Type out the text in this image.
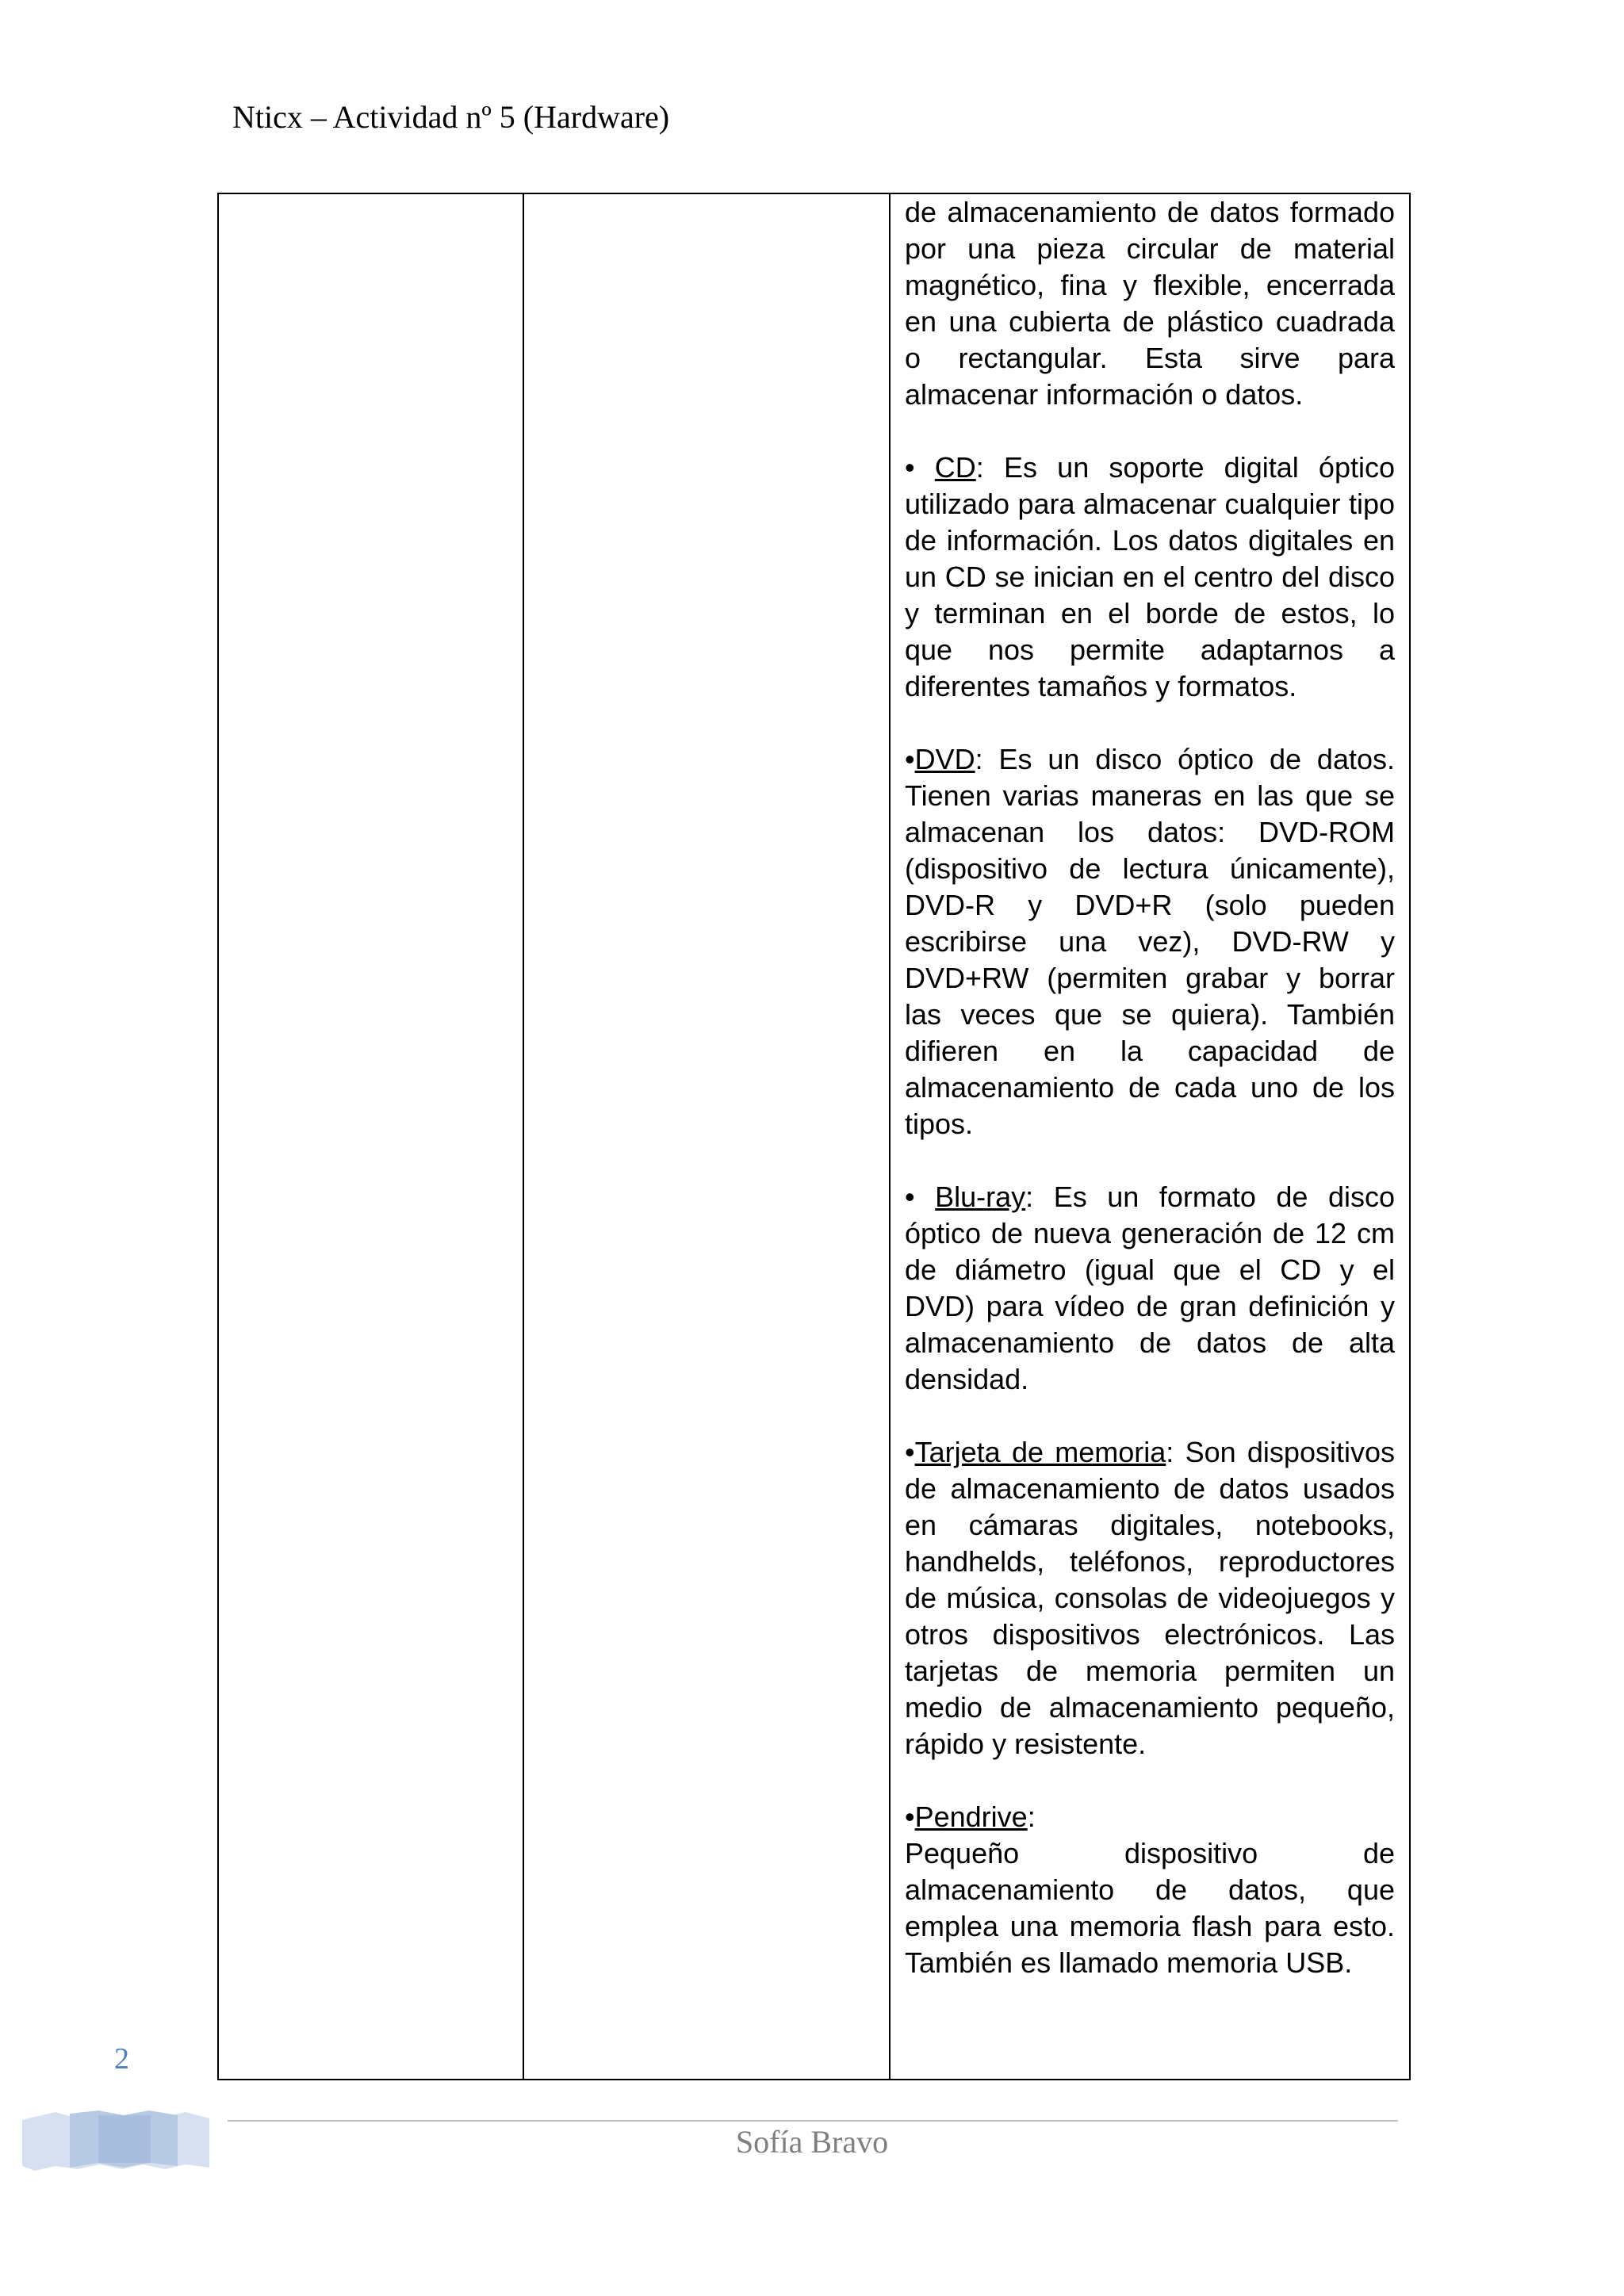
Nticx – Actividad nº 5 (Hardware)

de almacenamiento de datos formado por una pieza circular de material magnético, fina y flexible, encerrada en una cubierta de plástico cuadrada o rectangular. Esta sirve para almacenar información o datos.

• CD: Es un soporte digital óptico utilizado para almacenar cualquier tipo de información. Los datos digitales en un CD se inician en el centro del disco y terminan en el borde de estos, lo que nos permite adaptarnos a diferentes tamaños y formatos.

•DVD: Es un disco óptico de datos. Tienen varias maneras en las que se almacenan los datos: DVD-ROM (dispositivo de lectura únicamente), DVD-R y DVD+R (solo pueden escribirse una vez), DVD-RW y DVD+RW (permiten grabar y borrar las veces que se quiera). También difieren en la capacidad de almacenamiento de cada uno de los tipos.

• Blu-ray: Es un formato de disco óptico de nueva generación de 12 cm de diámetro (igual que el CD y el DVD) para vídeo de gran definición y almacenamiento de datos de alta densidad.

•Tarjeta de memoria: Son dispositivos de almacenamiento de datos usados en cámaras digitales, notebooks, handhelds, teléfonos, reproductores de música, consolas de videojuegos y otros dispositivos electrónicos. Las tarjetas de memoria permiten un medio de almacenamiento pequeño, rápido y resistente.

•Pendrive:

Pequeño dispositivo de almacenamiento de datos, que emplea una memoria flash para esto. También es llamado memoria USB.

2
Sofía Bravo
